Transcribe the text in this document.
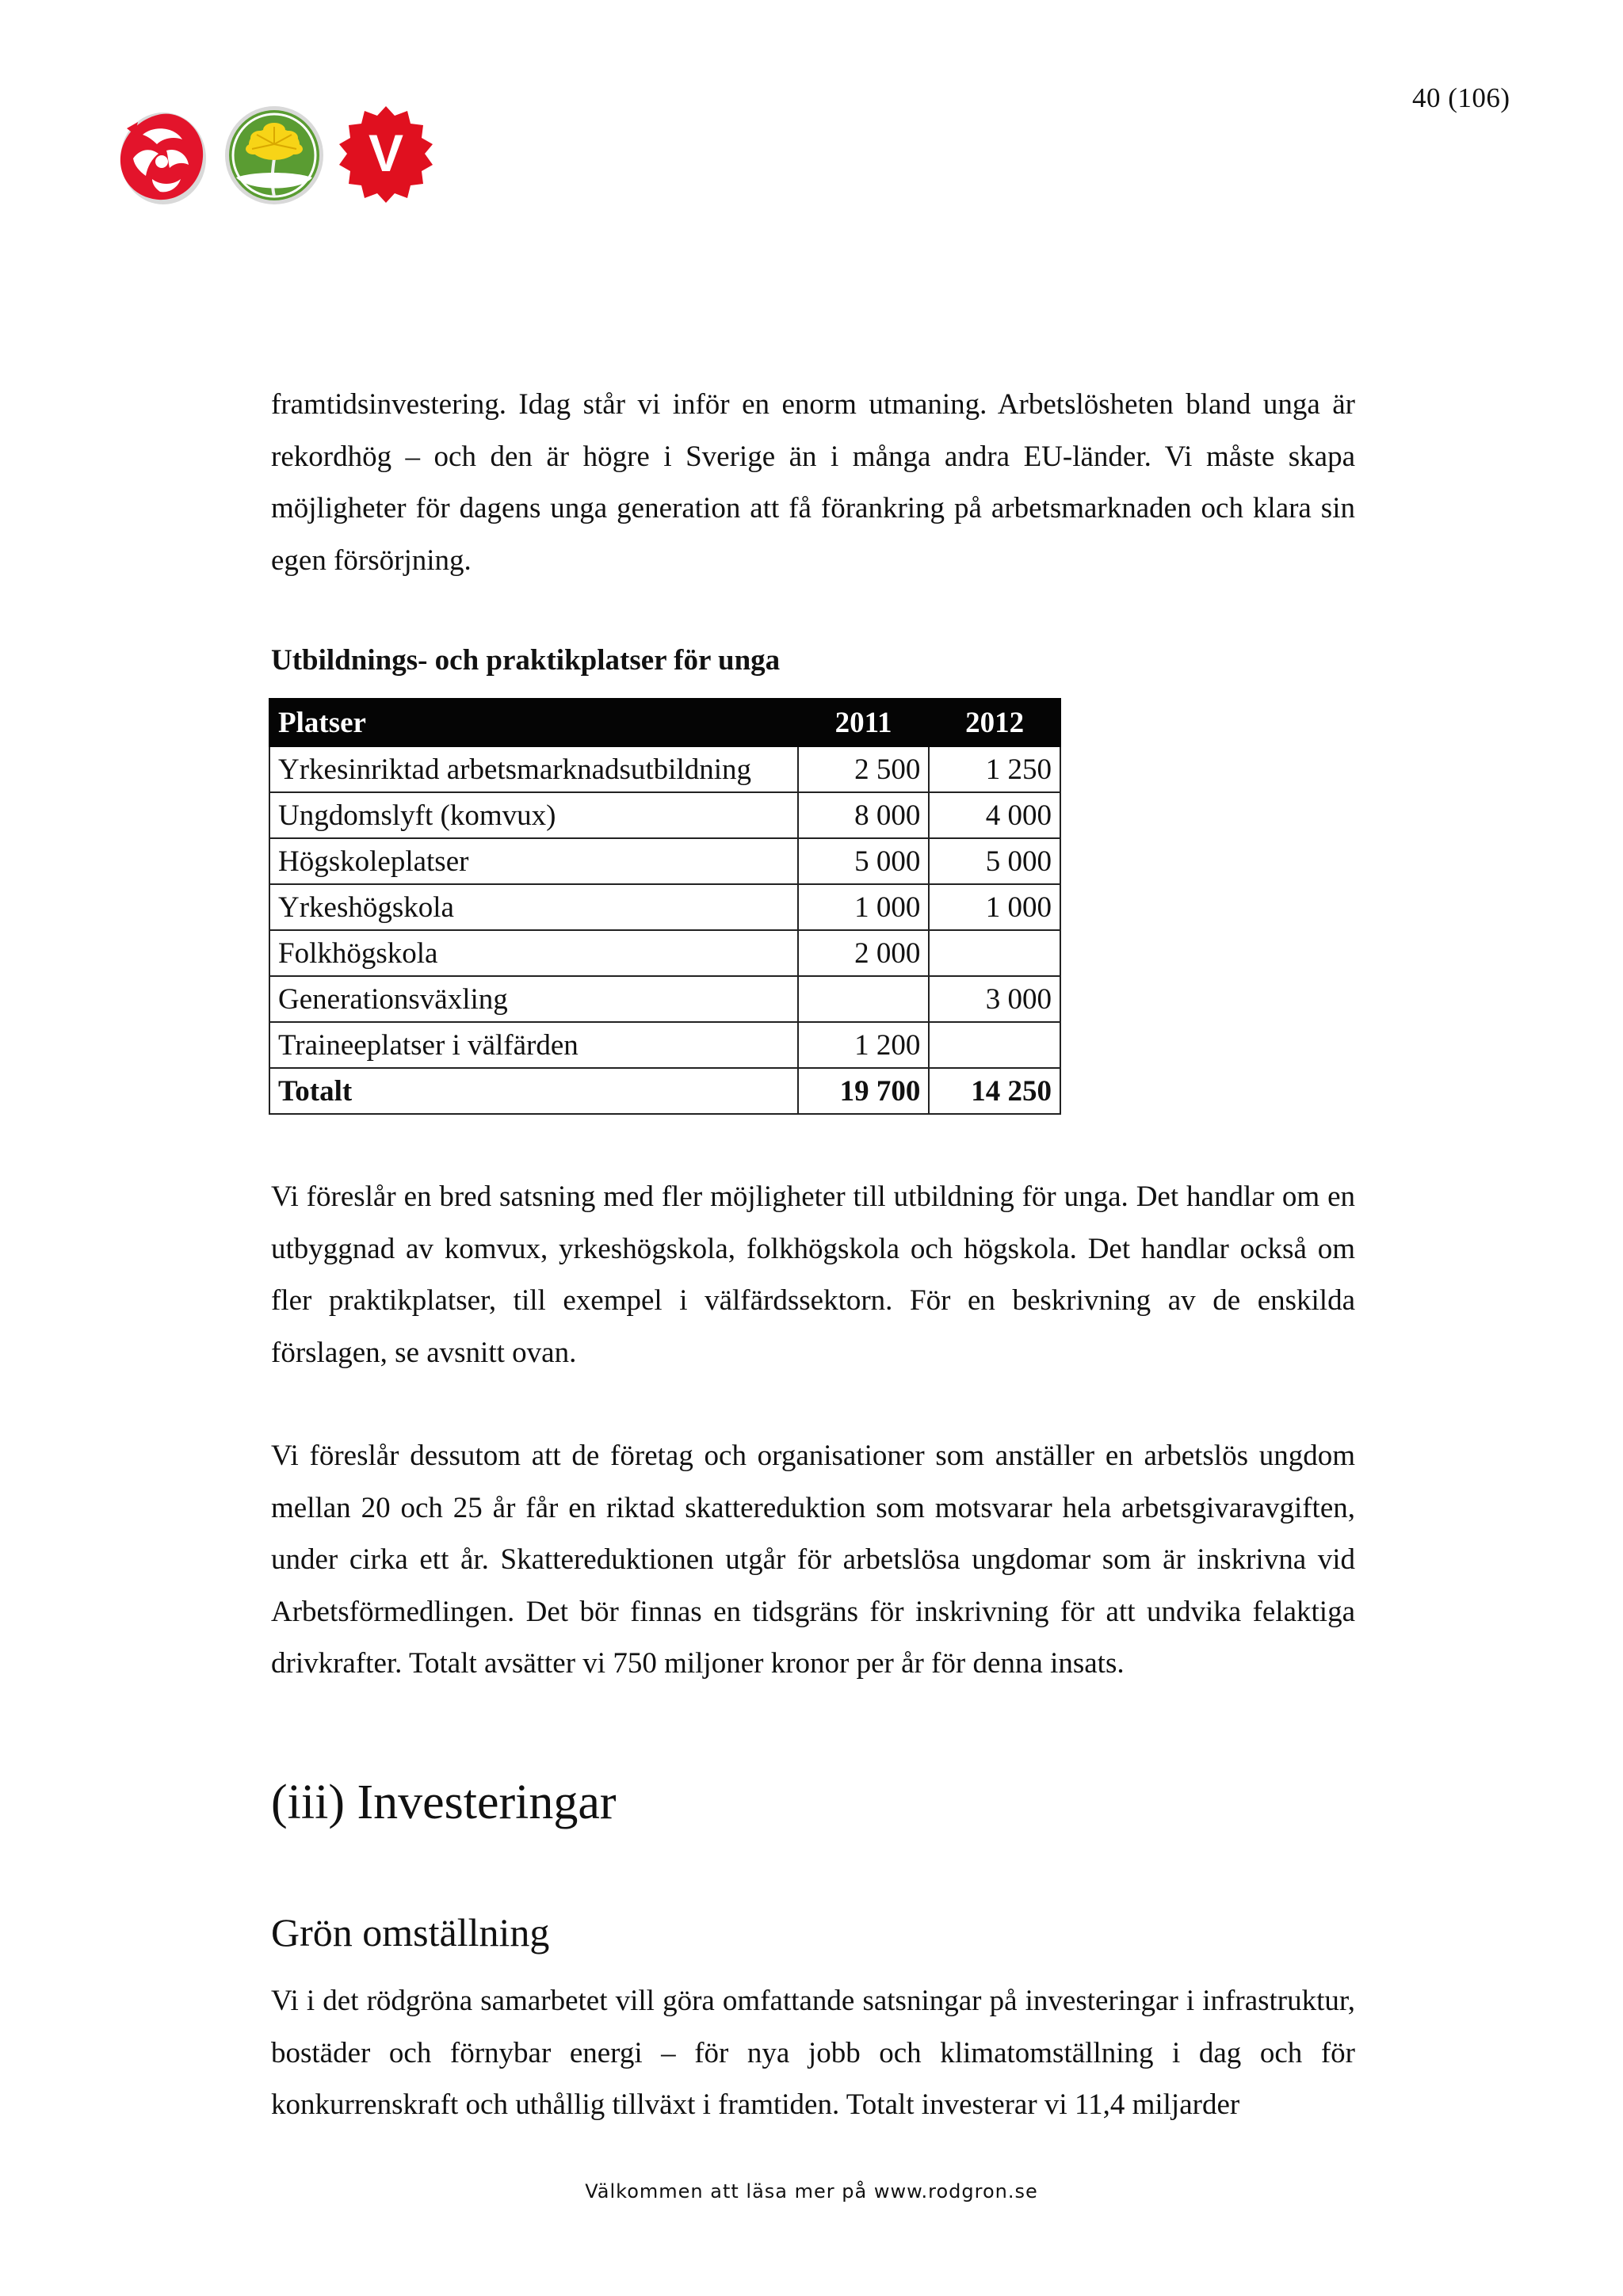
40 (106)
V
framtidsinvestering. Idag står vi inför en enorm utmaning. Arbetslösheten bland unga är rekordhög – och den är högre i Sverige än i många andra EU-länder. Vi måste skapa möjligheter för dagens unga generation att få förankring på arbetsmarknaden och klara sin egen försörjning.
Utbildnings- och praktikplatser för unga
Platser	2011	2012
Yrkesinriktad arbetsmarknadsutbildning	2 500	1 250
Ungdomslyft (komvux)	8 000	4 000
Högskoleplatser	5 000	5 000
Yrkeshögskola	1 000	1 000
Folkhögskola	2 000	
Generationsväxling		3 000
Traineeplatser i välfärden	1 200	
Totalt	19 700	14 250
Vi föreslår en bred satsning med fler möjligheter till utbildning för unga. Det handlar om en utbyggnad av komvux, yrkeshögskola, folkhögskola och högskola. Det handlar också om fler praktikplatser, till exempel i välfärdssektorn. För en beskrivning av de enskilda förslagen, se avsnitt ovan.
Vi föreslår dessutom att de företag och organisationer som anställer en arbetslös ungdom mellan 20 och 25 år får en riktad skattereduktion som motsvarar hela arbetsgivaravgiften, under cirka ett år. Skattereduktionen utgår för arbetslösa ungdomar som är inskrivna vid Arbetsförmedlingen. Det bör finnas en tidsgräns för inskrivning för att undvika felaktiga drivkrafter. Totalt avsätter vi 750 miljoner kronor per år för denna insats.
(iii) Investeringar
Grön omställning
Vi i det rödgröna samarbetet vill göra omfattande satsningar på investeringar i infrastruktur, bostäder och förnybar energi – för nya jobb och klimatomställning i dag och för konkurrenskraft och uthållig tillväxt i framtiden. Totalt investerar vi 11,4 miljarder
Välkommen att läsa mer på www.rodgron.se
